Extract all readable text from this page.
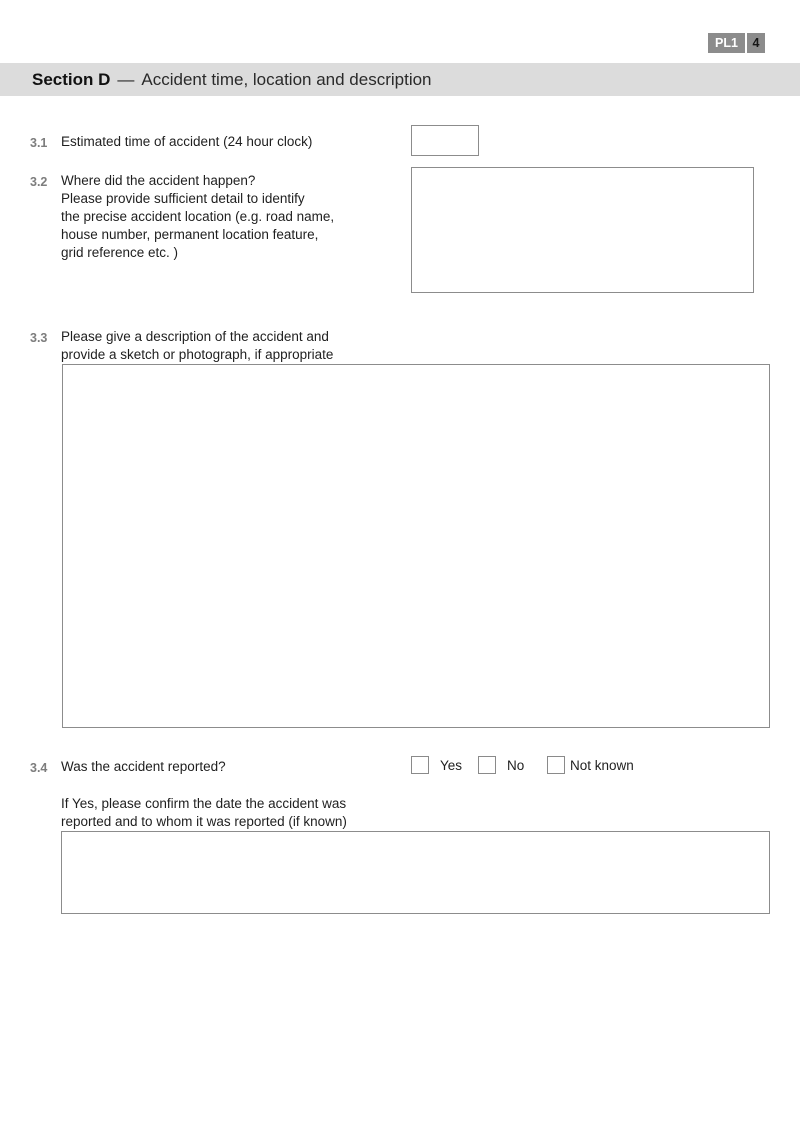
PL1	4
Section D — Accident time, location and description
3.1	Estimated time of accident (24 hour clock)
3.2	Where did the accident happen?
Please provide sufficient detail to identify
the precise accident location (e.g. road name,
house number, permanent location feature,
grid reference etc. )
3.3	Please give a description of the accident and
provide a sketch or photograph, if appropriate
3.4	Was the accident reported?	Yes	No	Not known
If Yes, please confirm the date the accident was
reported and to whom it was reported (if known)
